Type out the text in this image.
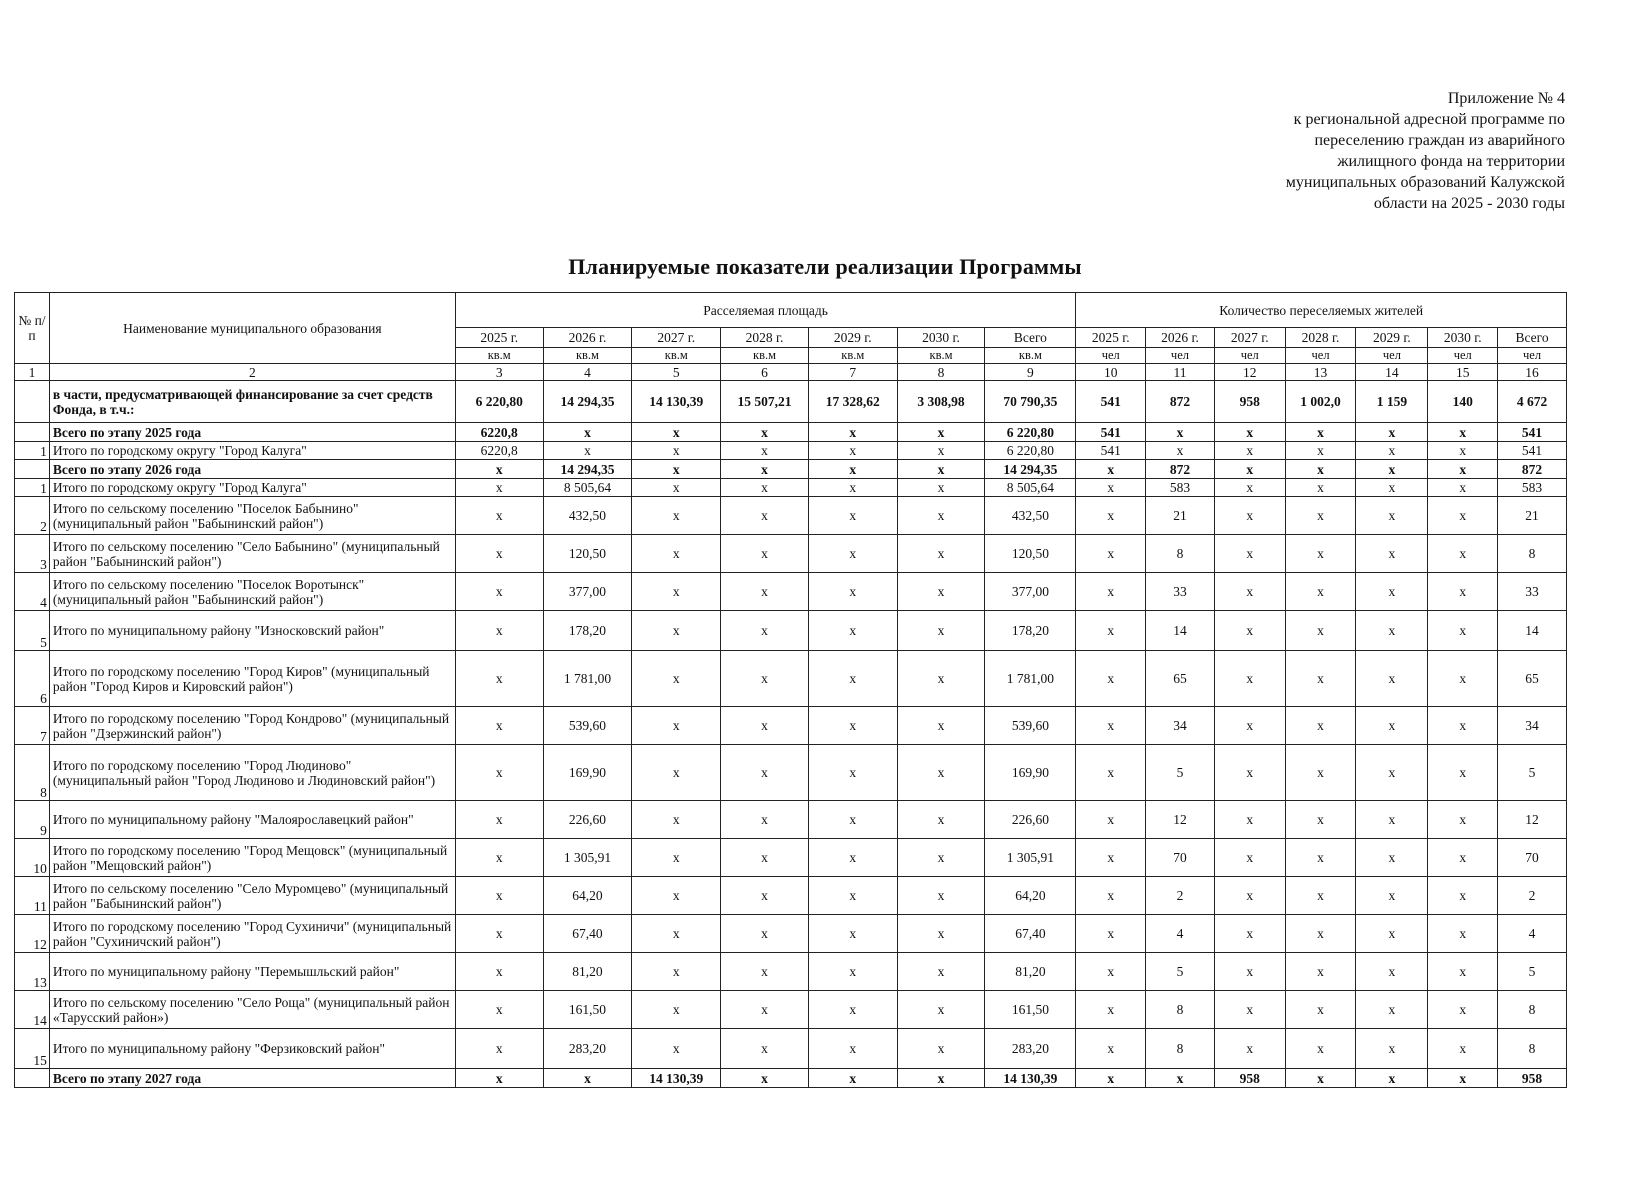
Приложение № 4
к региональной адресной программе по
переселению граждан из аварийного
жилищного фонда на территории
муниципальных образований Калужской
области на 2025 - 2030 годы
Планируемые показатели реализации Программы
№ п/п	Наименование муниципального образования	Расселяемая площадь							Количество переселяемых жителей						
		2025 г.	2026 г.	2027 г.	2028 г.	2029 г.	2030 г.	Всего	2025 г.	2026 г.	2027 г.	2028 г.	2029 г.	2030 г.	Всего
		кв.м	кв.м	кв.м	кв.м	кв.м	кв.м	кв.м	чел	чел	чел	чел	чел	чел	чел
1	2	3	4	5	6	7	8	9	10	11	12	13	14	15	16
	в части, предусматривающей финансирование за счет средств Фонда, в т.ч.:	6 220,80	14 294,35	14 130,39	15 507,21	17 328,62	3 308,98	70 790,35	541	872	958	1 002,0	1 159	140	4 672
	Всего по этапу 2025 года	6220,8	x	x	x	x	x	6 220,80	541	x	x	x	x	x	541
1	Итого по городскому округу "Город Калуга"	6220,8	x	x	x	x	x	6 220,80	541	x	x	x	x	x	541
	Всего по этапу 2026 года	x	14 294,35	x	x	x	x	14 294,35	x	872	x	x	x	x	872
1	Итого по городскому округу "Город Калуга"	x	8 505,64	x	x	x	x	8 505,64	x	583	x	x	x	x	583
2	Итого по сельскому поселению "Поселок Бабынино" (муниципальный район "Бабынинский район")	x	432,50	x	x	x	x	432,50	x	21	x	x	x	x	21
3	Итого по сельскому поселению "Село Бабынино" (муниципальный район "Бабынинский район")	x	120,50	x	x	x	x	120,50	x	8	x	x	x	x	8
4	Итого по сельскому поселению "Поселок Воротынск" (муниципальный район "Бабынинский район")	x	377,00	x	x	x	x	377,00	x	33	x	x	x	x	33
5	Итого по муниципальному району "Износковский район"	x	178,20	x	x	x	x	178,20	x	14	x	x	x	x	14
6	Итого по городскому поселению "Город Киров" (муниципальный район "Город Киров и Кировский район")	x	1 781,00	x	x	x	x	1 781,00	x	65	x	x	x	x	65
7	Итого по городскому поселению "Город Кондрово" (муниципальный район "Дзержинский район")	x	539,60	x	x	x	x	539,60	x	34	x	x	x	x	34
8	Итого по городскому поселению "Город Людиново" (муниципальный район "Город Людиново и Людиновский район")	x	169,90	x	x	x	x	169,90	x	5	x	x	x	x	5
9	Итого по муниципальному району "Малоярославецкий район"	x	226,60	x	x	x	x	226,60	x	12	x	x	x	x	12
10	Итого по городскому поселению "Город Мещовск" (муниципальный район "Мещовский район")	x	1 305,91	x	x	x	x	1 305,91	x	70	x	x	x	x	70
11	Итого по сельскому поселению "Село Муромцево" (муниципальный район "Бабынинский район")	x	64,20	x	x	x	x	64,20	x	2	x	x	x	x	2
12	Итого по городскому поселению "Город Сухиничи" (муниципальный район "Сухиничский район")	x	67,40	x	x	x	x	67,40	x	4	x	x	x	x	4
13	Итого по муниципальному району "Перемышльский район"	x	81,20	x	x	x	x	81,20	x	5	x	x	x	x	5
14	Итого по сельскому поселению "Село Роща" (муниципальный район «Тарусский район»)	x	161,50	x	x	x	x	161,50	x	8	x	x	x	x	8
15	Итого по муниципальному району "Ферзиковский район"	x	283,20	x	x	x	x	283,20	x	8	x	x	x	x	8
	Всего по этапу 2027 года	x	x	14 130,39	x	x	x	14 130,39	x	x	958	x	x	x	958
